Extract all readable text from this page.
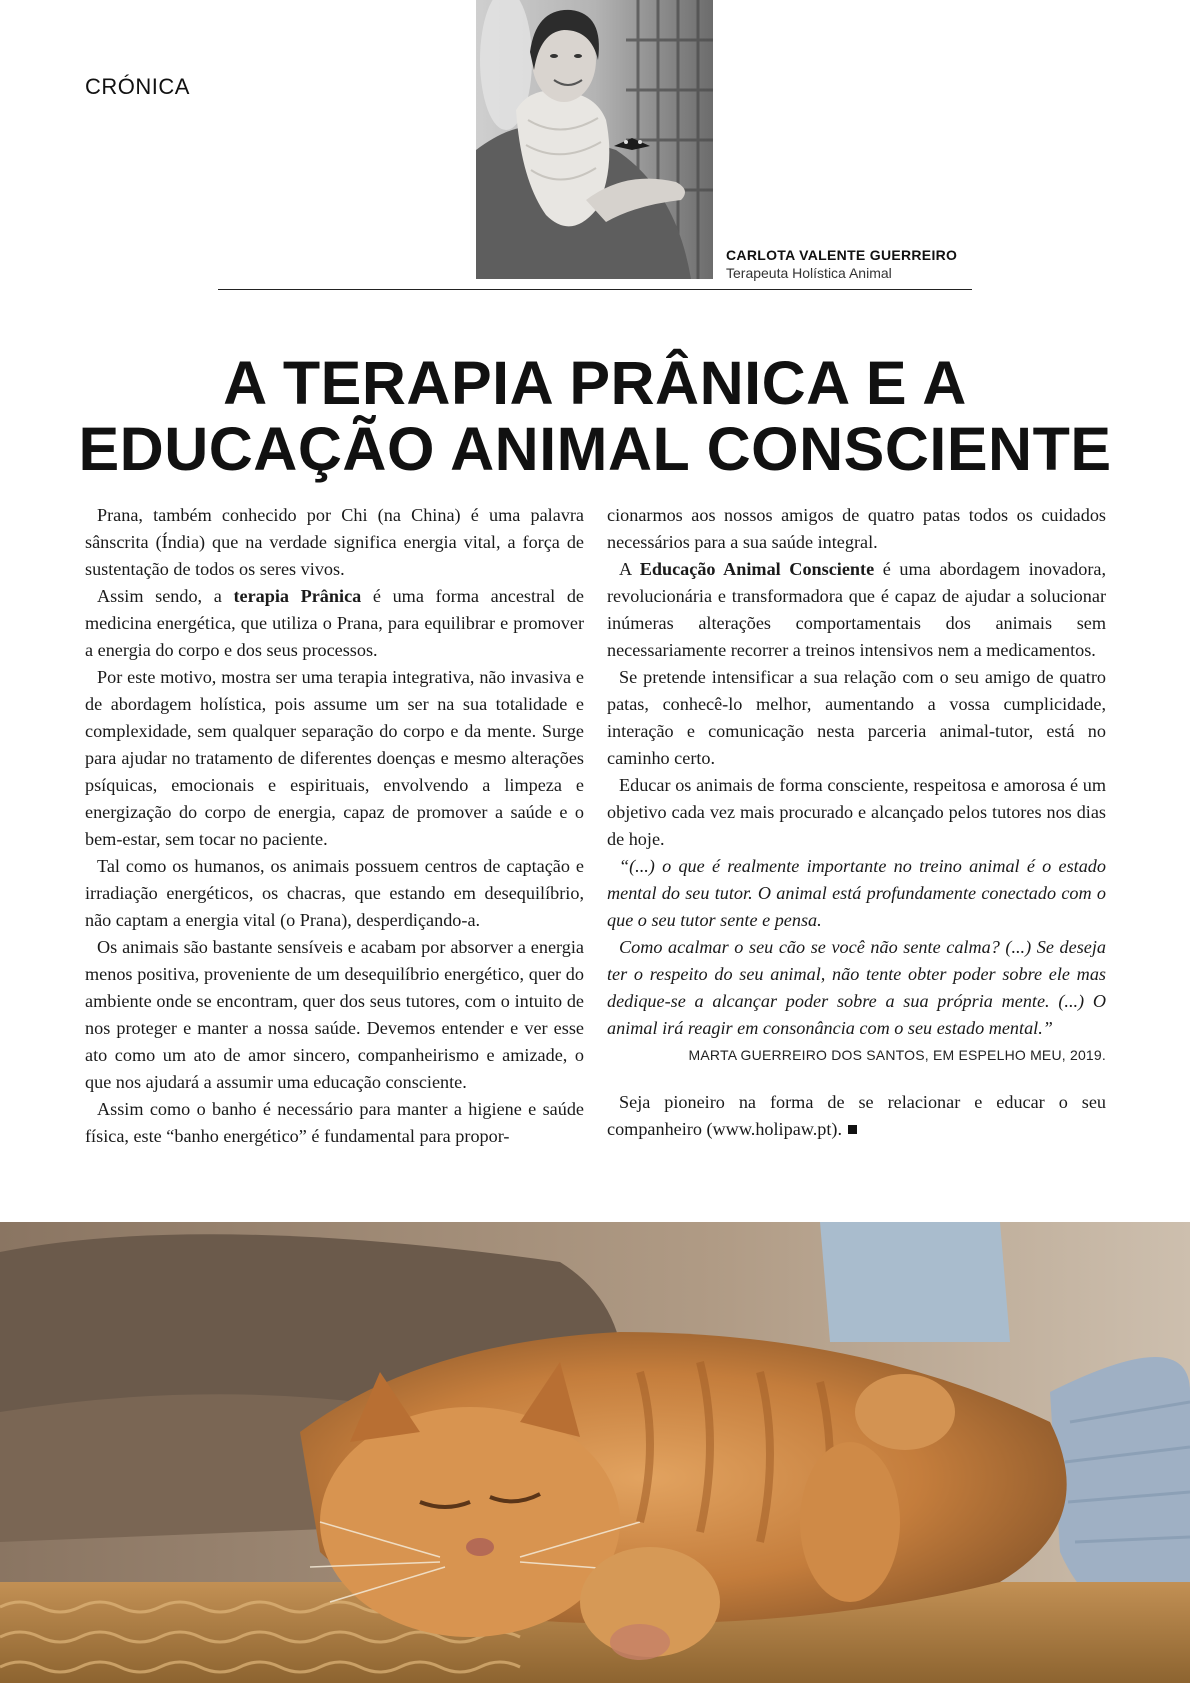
CRÓNICA
CARLOTA VALENTE GUERREIRO
Terapeuta Holística Animal
A TERAPIA PRÂNICA E A
EDUCAÇÃO ANIMAL CONSCIENTE

Prana, também conhecido por Chi (na China) é uma palavra sânscrita (Índia) que na verdade significa energia vital, a força de sustentação de todos os seres vivos.

Assim sendo, a terapia Prânica é uma forma ancestral de medicina energética, que utiliza o Prana, para equilibrar e promover a energia do corpo e dos seus processos.

Por este motivo, mostra ser uma terapia integrativa, não invasiva e de abordagem holística, pois assume um ser na sua totalidade e complexidade, sem qualquer separação do corpo e da mente. Surge para ajudar no tratamento de diferentes doenças e mesmo alterações psíquicas, emocionais e espirituais, envolvendo a limpeza e energização do corpo de energia, capaz de promover a saúde e o bem-estar, sem tocar no paciente.

Tal como os humanos, os animais possuem centros de captação e irradiação energéticos, os chacras, que estando em desequilíbrio, não captam a energia vital (o Prana), desperdiçando-a.

Os animais são bastante sensíveis e acabam por absorver a energia menos positiva, proveniente de um desequilíbrio energético, quer do ambiente onde se encontram, quer dos seus tutores, com o intuito de nos proteger e manter a nossa saúde. Devemos entender e ver esse ato como um ato de amor sincero, companheirismo e amizade, o que nos ajudará a assumir uma educação consciente.

Assim como o banho é necessário para manter a higiene e saúde física, este “banho energético” é fundamental para propor-

cionarmos aos nossos amigos de quatro patas todos os cuidados necessários para a sua saúde integral.

A Educação Animal Consciente é uma abordagem inovadora, revolucionária e transformadora que é capaz de ajudar a solucionar inúmeras alterações comportamentais dos animais sem necessariamente recorrer a treinos intensivos nem a medicamentos.

Se pretende intensificar a sua relação com o seu amigo de quatro patas, conhecê-lo melhor, aumentando a vossa cumplicidade, interação e comunicação nesta parceria animal-tutor, está no caminho certo.

Educar os animais de forma consciente, respeitosa e amorosa é um objetivo cada vez mais procurado e alcançado pelos tutores nos dias de hoje.

“(...) o que é realmente importante no treino animal é o estado mental do seu tutor. O animal está profundamente conectado com o que o seu tutor sente e pensa.

Como acalmar o seu cão se você não sente calma? (...) Se deseja ter o respeito do seu animal, não tente obter poder sobre ele mas dedique-se a alcançar poder sobre a sua própria mente. (...) O animal irá reagir em consonância com o seu estado mental.”

MARTA GUERREIRO DOS SANTOS, EM ESPELHO MEU, 2019.

Seja pioneiro na forma de se relacionar e educar o seu companheiro (www.holipaw.pt).
